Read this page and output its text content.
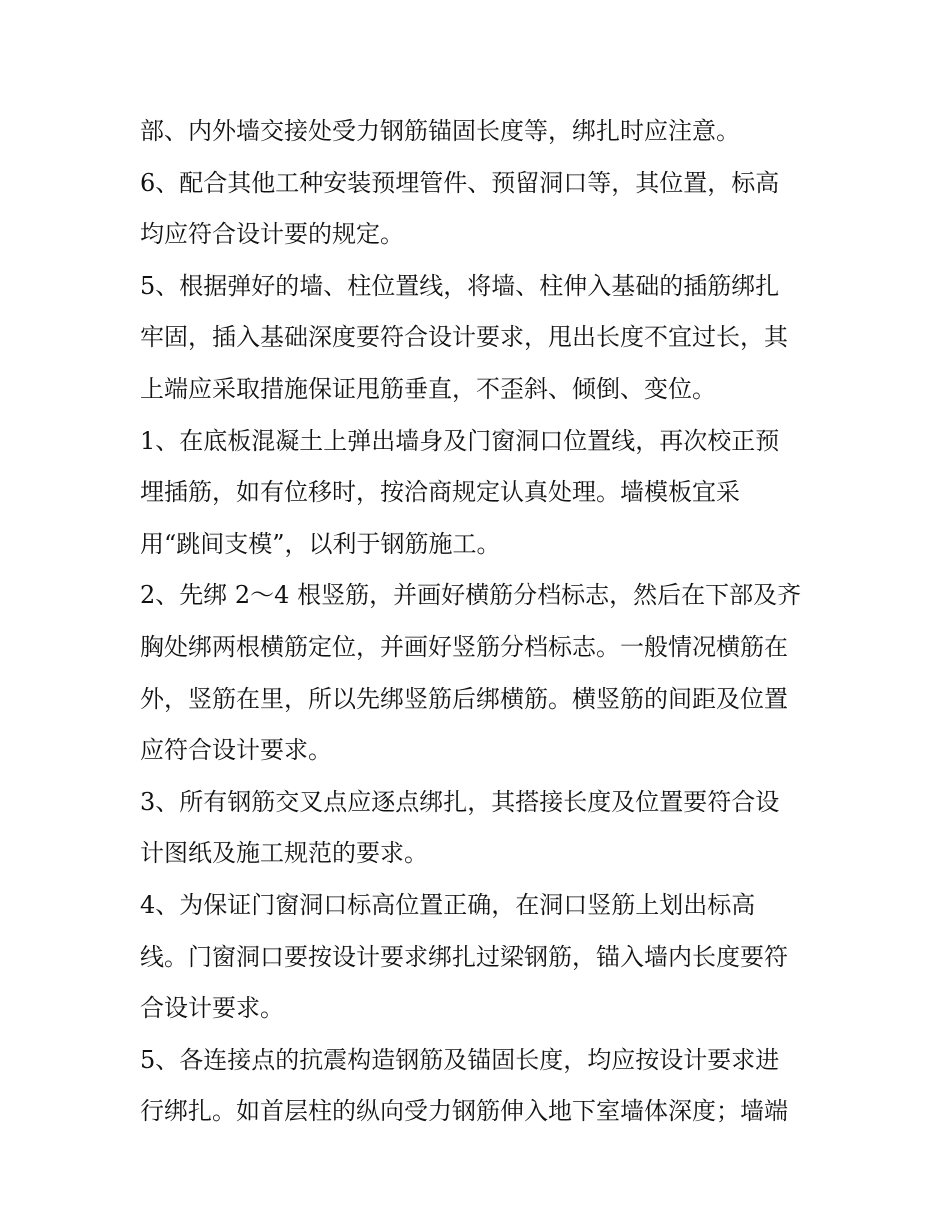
部、内外墙交接处受力钢筋锚固长度等，绑扎时应注意。
6、配合其他工种安装预埋管件、预留洞口等，其位置，标高
均应符合设计要的规定。
5、根据弹好的墙、柱位置线，将墙、柱伸入基础的插筋绑扎
牢固，插入基础深度要符合设计要求，甩出长度不宜过长，其
上端应采取措施保证甩筋垂直，不歪斜、倾倒、变位。
1、在底板混凝土上弹出墙身及门窗洞口位置线，再次校正预
埋插筋，如有位移时，按洽商规定认真处理。墙模板宜采
用“跳间支模”，以利于钢筋施工。
2、先绑 2～4 根竖筋，并画好横筋分档标志，然后在下部及齐
胸处绑两根横筋定位，并画好竖筋分档标志。一般情况横筋在
外，竖筋在里，所以先绑竖筋后绑横筋。横竖筋的间距及位置
应符合设计要求。
3、所有钢筋交叉点应逐点绑扎，其搭接长度及位置要符合设
计图纸及施工规范的要求。
4、为保证门窗洞口标高位置正确，在洞口竖筋上划出标高
线。门窗洞口要按设计要求绑扎过梁钢筋，锚入墙内长度要符
合设计要求。
5、各连接点的抗震构造钢筋及锚固长度，均应按设计要求进
行绑扎。如首层柱的纵向受力钢筋伸入地下室墙体深度；墙端
